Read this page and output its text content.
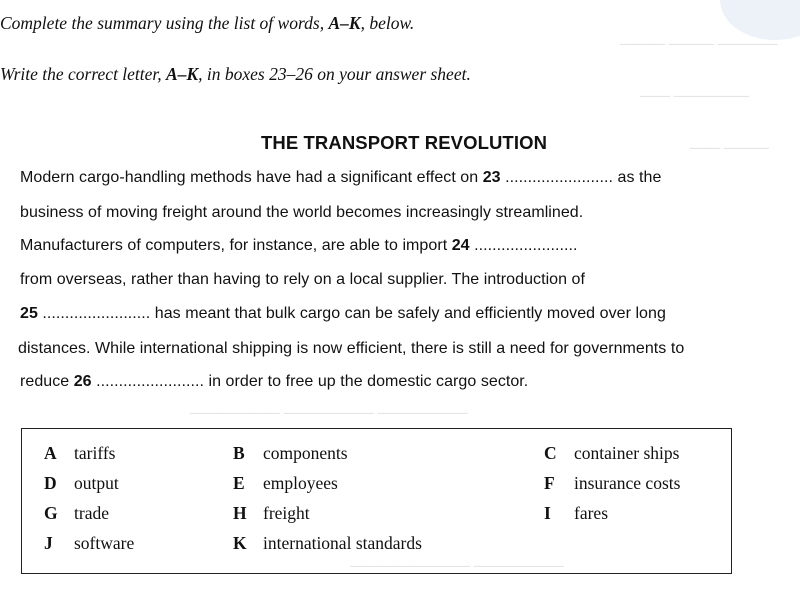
———— ——— ———
————— ——
——— ——
—————— —————— ——————
—————— ————————
Complete the summary using the list of words, A–K, below.
Write the correct letter, A–K, in boxes 23–26 on your answer sheet.
THE TRANSPORT REVOLUTION
Modern cargo-handling methods have had a significant effect on 23 ........................ as the
business of moving freight around the world becomes increasingly streamlined.
Manufacturers of computers, for instance, are able to import 24 .......................
from overseas, rather than having to rely on a local supplier. The introduction of
25 ........................ has meant that bulk cargo can be safely and efficiently moved over long
distances. While international shipping is now efficient, there is still a need for governments to
reduce 26 ........................ in order to free up the domestic cargo sector.
A tariffs	B components	C container ships
D output	E employees	F insurance costs
G trade	H freight	I fares
J software	K international standards
